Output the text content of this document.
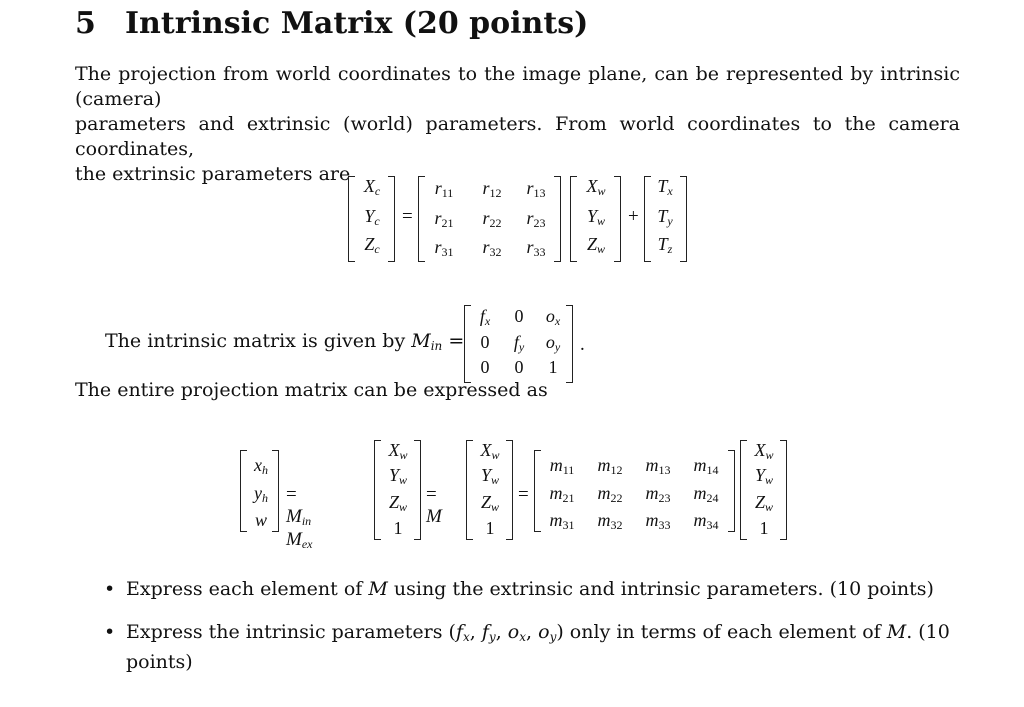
5 Intrinsic Matrix (20 points)
The projection from world coordinates to the image plane, can be represented by intrinsic (camera)
parameters and extrinsic (world) parameters. From world coordinates to the camera coordinates,
the extrinsic parameters are
$X_c$
$Y_c$
$Z_c$
=
r11	r12	r13
r21	r22	r23
r31	r32	r33
$X_w$
$Y_w$
$Z_w$
+
$T_x$
$T_y$
$T_z$
The intrinsic matrix is given by $M_{in}$ =
$f_x$	0	$o_x$
0	$f_y$	$o_y$
0	0	1
.
The entire projection matrix can be expressed as
$x_h$
$y_h$
w
= $M_{in}$ $M_{ex}$
$X_w$
$Y_w$
$Z_w$
1
= M
$X_w$
$Y_w$
$Z_w$
1
=
m11	m12	m13	m14
m21	m22	m23	m24
m31	m32	m33	m34
$X_w$
$Y_w$
$Z_w$
1
• Express each element of M using the extrinsic and intrinsic parameters. (10 points)
• Express the intrinsic parameters ($f_x$, $f_y$, $o_x$, $o_y$) only in terms of each element of M. (10
points)
